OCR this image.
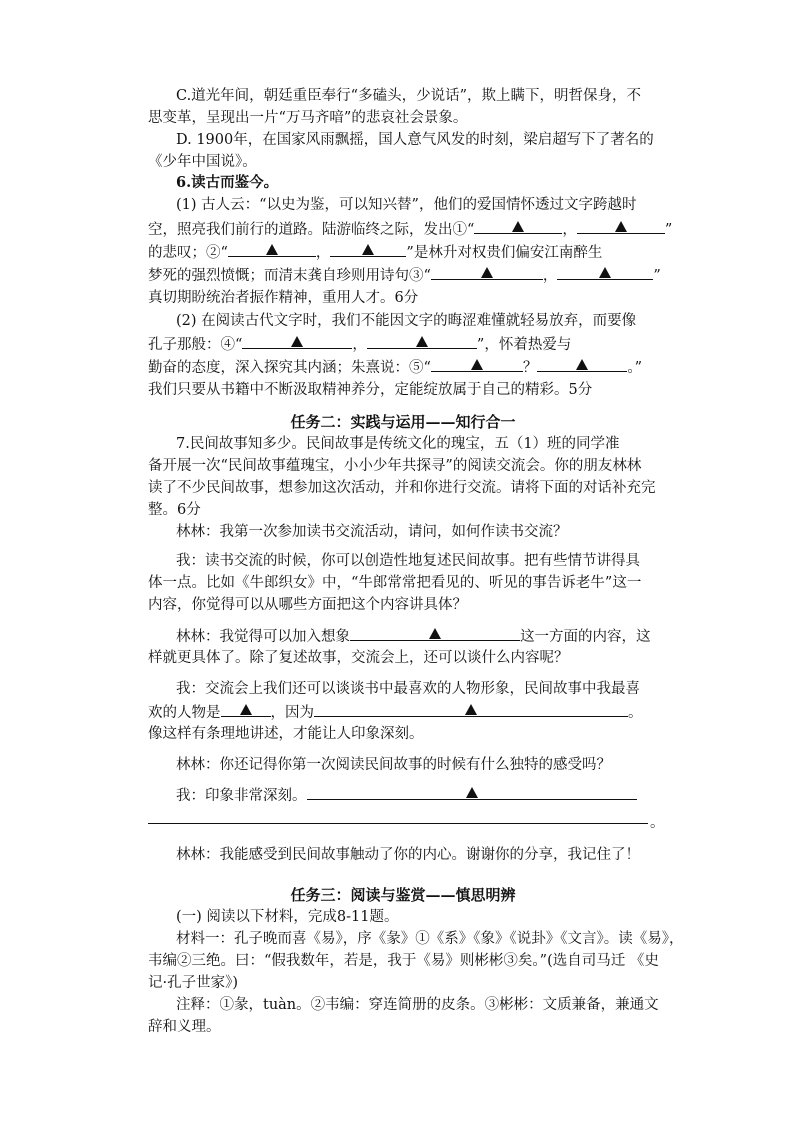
C.道光年间，朝廷重臣奉行“多磕头，少说话”，欺上瞒下，明哲保身，不
思变革，呈现出一片“万马齐喑”的悲哀社会景象。
D. 1900年，在国家风雨飘摇，国人意气风发的时刻，梁启超写下了著名的
《少年中国说》。
6.读古而鉴今。
(1) 古人云：“以史为鉴，可以知兴替”，他们的爱国情怀透过文字跨越时
空，照亮我们前行的道路。陆游临终之际，发出①“	，	”
的悲叹；②“	，	”是林升对权贵们偏安江南醉生
梦死的强烈愤慨；而清末龚自珍则用诗句③“	，	”
真切期盼统治者振作精神，重用人才。6分
(2) 在阅读古代文字时，我们不能因文字的晦涩难懂就轻易放弃，而要像
孔子那般：④“	，	”，怀着热爱与
勤奋的态度，深入探究其内涵；朱熹说：⑤“	？	。”
我们只要从书籍中不断汲取精神养分，定能绽放属于自己的精彩。5分
任务二：实践与运用——知行合一
7.民间故事知多少。民间故事是传统文化的瑰宝，五（1）班的同学准
备开展一次“民间故事蕴瑰宝，小小少年共探寻”的阅读交流会。你的朋友林林
读了不少民间故事，想参加这次活动，并和你进行交流。请将下面的对话补充完
整。6分
林林：我第一次参加读书交流活动，请问，如何作读书交流？
我：读书交流的时候，你可以创造性地复述民间故事。把有些情节讲得具
体一点。比如《牛郎织女》中，“牛郎常常把看见的、听见的事告诉老牛”这一
内容，你觉得可以从哪些方面把这个内容讲具体？
林林：我觉得可以加入想象	这一方面的内容，这
样就更具体了。除了复述故事，交流会上，还可以谈什么内容呢？
我：交流会上我们还可以谈谈书中最喜欢的人物形象，民间故事中我最喜
欢的人物是	，因为	。
像这样有条理地讲述，才能让人印象深刻。
林林：你还记得你第一次阅读民间故事的时候有什么独特的感受吗？
我：印象非常深刻。
。
林林：我能感受到民间故事触动了你的内心。谢谢你的分享，我记住了！
任务三：阅读与鉴赏——慎思明辨
(一) 阅读以下材料，完成8-11题。
材料一：孔子晚而喜《易》，序《彖》①《系》《象》《说卦》《文言》。读《易》，
韦编②三绝。曰：“假我数年，若是，我于《易》则彬彬③矣。”(选自司马迁 《史
记·孔子世家》)
注释：①彖，tuàn。②韦编：穿连简册的皮条。③彬彬：文质兼备，兼通文
辞和义理。
